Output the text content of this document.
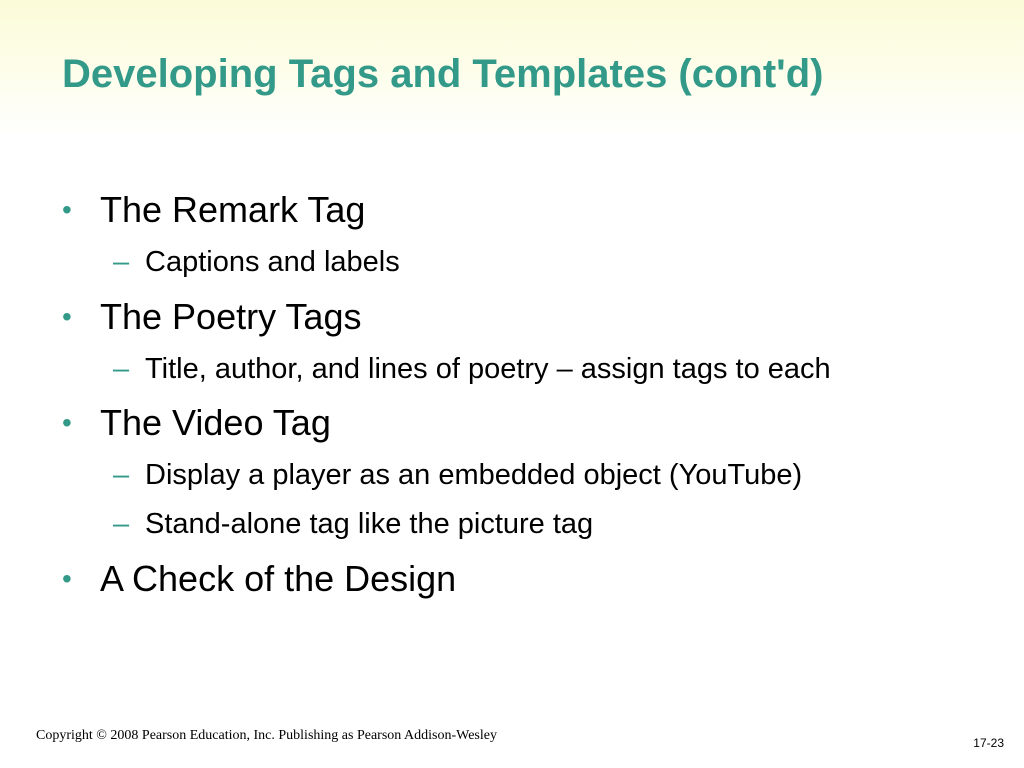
Developing Tags and Templates (cont'd)
• The Remark Tag
– Captions and labels
• The Poetry Tags
– Title, author, and lines of poetry – assign tags to each
• The Video Tag
– Display a player as an embedded object (YouTube)
– Stand-alone tag like the picture tag
• A Check of the Design
Copyright © 2008 Pearson Education, Inc. Publishing as Pearson Addison-Wesley	17-23
